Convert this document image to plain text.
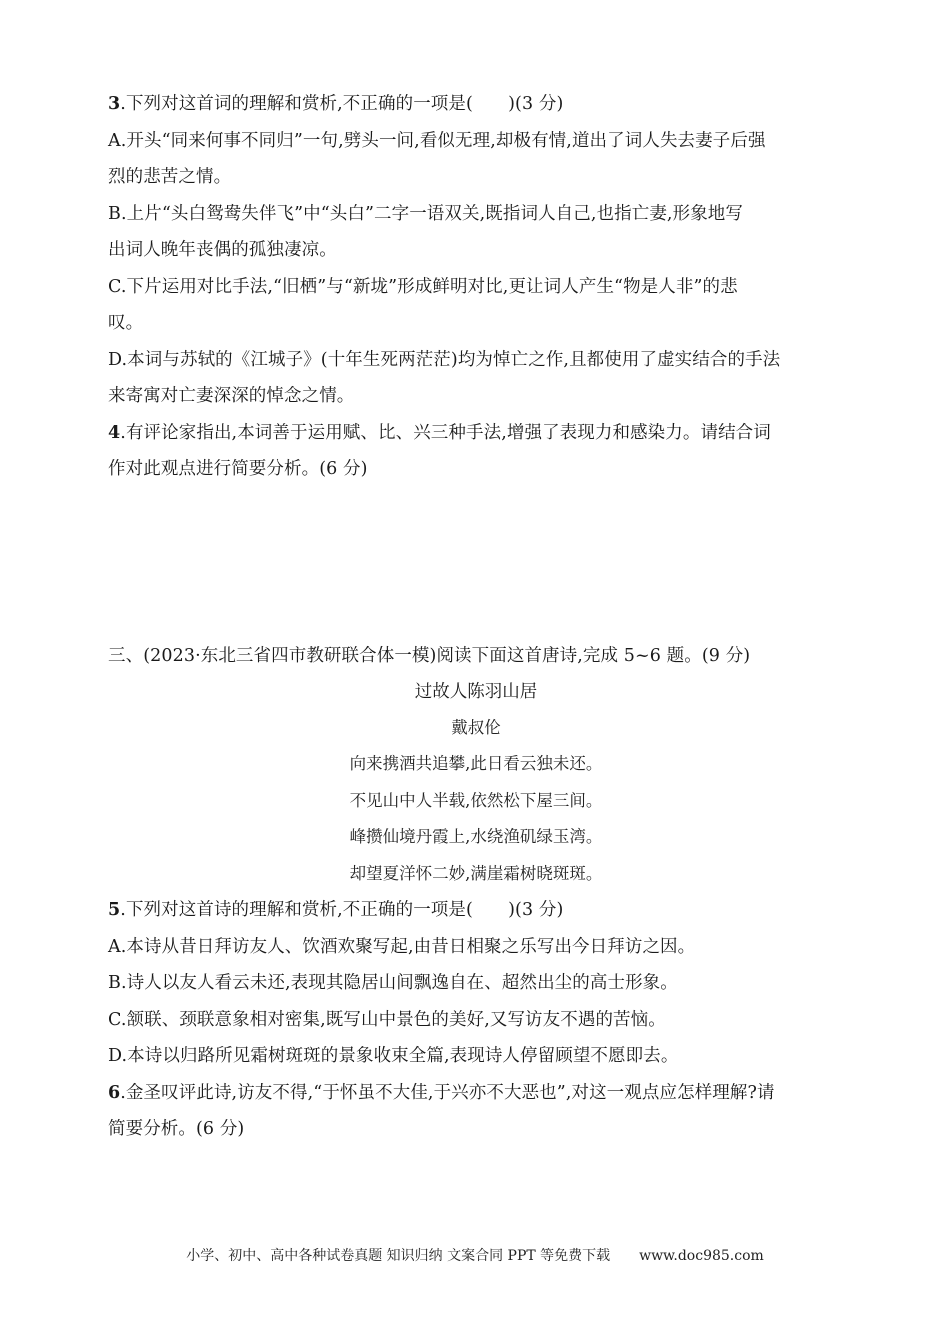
3.下列对这首词的理解和赏析,不正确的一项是(　　)(3 分)
A.开头“同来何事不同归”一句,劈头一问,看似无理,却极有情,道出了词人失去妻子后强
烈的悲苦之情。
B.上片“头白鸳鸯失伴飞”中“头白”二字一语双关,既指词人自己,也指亡妻,形象地写
出词人晚年丧偶的孤独凄凉。
C.下片运用对比手法,“旧栖”与“新垅”形成鲜明对比,更让词人产生“物是人非”的悲
叹。
D.本词与苏轼的《江城子》(十年生死两茫茫)均为悼亡之作,且都使用了虚实结合的手法
来寄寓对亡妻深深的悼念之情。
4.有评论家指出,本词善于运用赋、比、兴三种手法,增强了表现力和感染力。请结合词
作对此观点进行简要分析。(6 分)
三、(2023·东北三省四市教研联合体一模)阅读下面这首唐诗,完成 5~6 题。(9 分)
过故人陈羽山居
戴叔伦
向来携酒共追攀,此日看云独未还。
不见山中人半载,依然松下屋三间。
峰攒仙境丹霞上,水绕渔矶绿玉湾。
却望夏洋怀二妙,满崖霜树晓斑斑。
5.下列对这首诗的理解和赏析,不正确的一项是(　　)(3 分)
A.本诗从昔日拜访友人、饮酒欢聚写起,由昔日相聚之乐写出今日拜访之因。
B.诗人以友人看云未还,表现其隐居山间飘逸自在、超然出尘的高士形象。
C.颔联、颈联意象相对密集,既写山中景色的美好,又写访友不遇的苦恼。
D.本诗以归路所见霜树斑斑的景象收束全篇,表现诗人停留顾望不愿即去。
6.金圣叹评此诗,访友不得,“于怀虽不大佳,于兴亦不大恶也”,对这一观点应怎样理解?请
简要分析。(6 分)
小学、初中、高中各种试卷真题 知识归纳 文案合同 PPT 等免费下载 www.doc985.com
